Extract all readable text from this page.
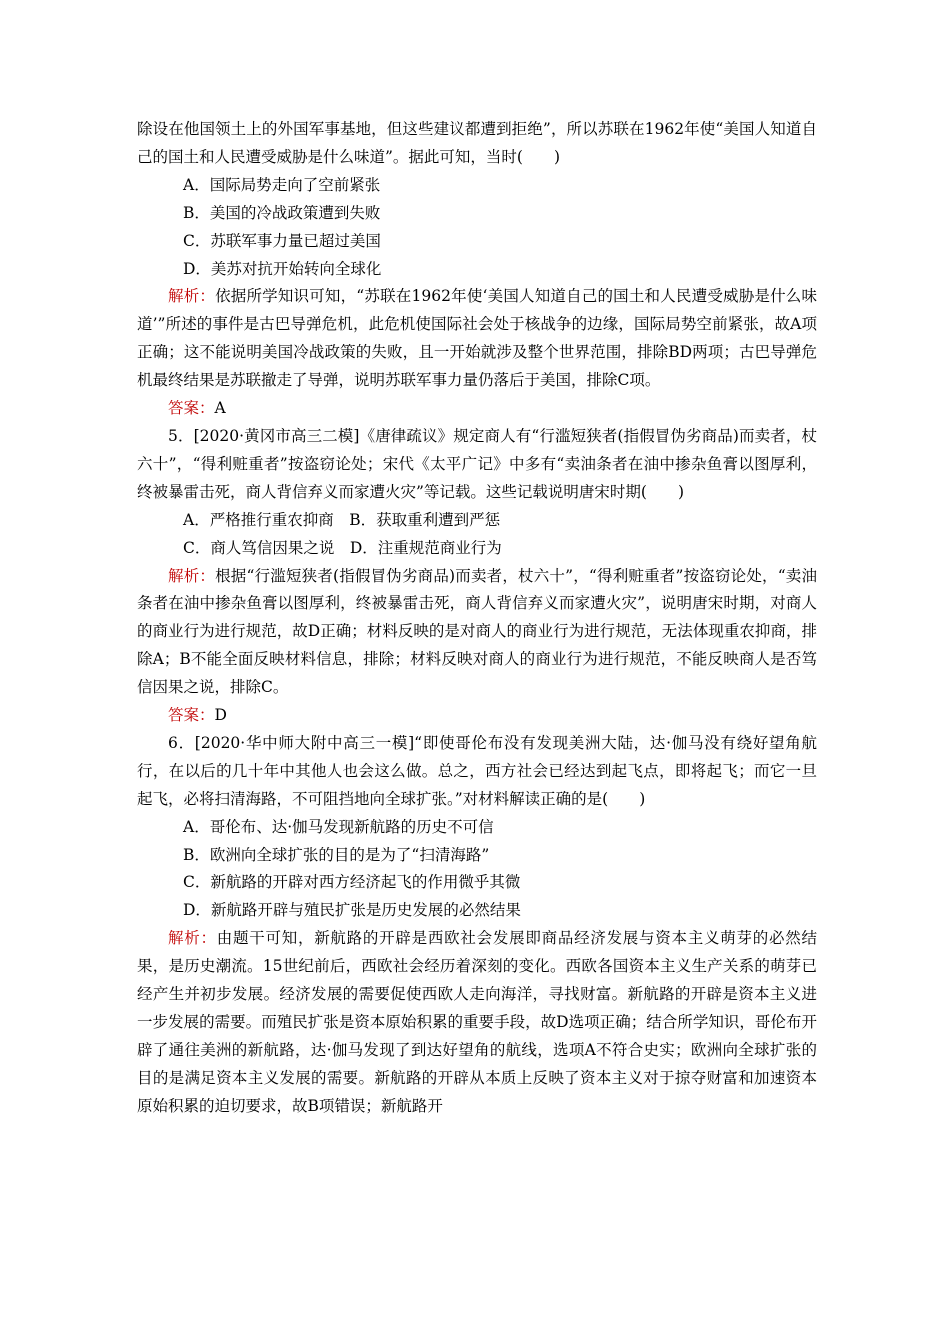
除设在他国领土上的外国军事基地，但这些建议都遭到拒绝”，所以苏联在1962年使“美国人知道自己的国土和人民遭受威胁是什么味道”。据此可知，当时(　　)

A．国际局势走向了空前紧张

B．美国的冷战政策遭到失败

C．苏联军事力量已超过美国

D．美苏对抗开始转向全球化

解析：依据所学知识可知，“苏联在1962年使‘美国人知道自己的国土和人民遭受威胁是什么味道’”所述的事件是古巴导弹危机，此危机使国际社会处于核战争的边缘，国际局势空前紧张，故A项正确；这不能说明美国冷战政策的失败，且一开始就涉及整个世界范围，排除BD两项；古巴导弹危机最终结果是苏联撤走了导弹，说明苏联军事力量仍落后于美国，排除C项。

答案：A

5．[2020·黄冈市高三二模]《唐律疏议》规定商人有“行滥短狭者(指假冒伪劣商品)而卖者，杖六十”，“得利赃重者”按盗窃论处；宋代《太平广记》中多有“卖油条者在油中掺杂鱼膏以图厚利，终被暴雷击死，商人背信弃义而家遭火灾”等记载。这些记载说明唐宋时期(　　)

A．严格推行重农抑商　B．获取重利遭到严惩

C．商人笃信因果之说　D．注重规范商业行为

解析：根据“行滥短狭者(指假冒伪劣商品)而卖者，杖六十”，“得利赃重者”按盗窃论处，“卖油条者在油中掺杂鱼膏以图厚利，终被暴雷击死，商人背信弃义而家遭火灾”，说明唐宋时期，对商人的商业行为进行规范，故D正确；材料反映的是对商人的商业行为进行规范，无法体现重农抑商，排除A；B不能全面反映材料信息，排除；材料反映对商人的商业行为进行规范，不能反映商人是否笃信因果之说，排除C。

答案：D

6．[2020·华中师大附中高三一模]“即使哥伦布没有发现美洲大陆，达·伽马没有绕好望角航行，在以后的几十年中其他人也会这么做。总之，西方社会已经达到起飞点，即将起飞；而它一旦起飞，必将扫清海路，不可阻挡地向全球扩张。”对材料解读正确的是(　　)

A．哥伦布、达·伽马发现新航路的历史不可信

B．欧洲向全球扩张的目的是为了“扫清海路”

C．新航路的开辟对西方经济起飞的作用微乎其微

D．新航路开辟与殖民扩张是历史发展的必然结果

解析：由题干可知，新航路的开辟是西欧社会发展即商品经济发展与资本主义萌芽的必然结果，是历史潮流。15世纪前后，西欧社会经历着深刻的变化。西欧各国资本主义生产关系的萌芽已经产生并初步发展。经济发展的需要促使西欧人走向海洋，寻找财富。新航路的开辟是资本主义进一步发展的需要。而殖民扩张是资本原始积累的重要手段，故D选项正确；结合所学知识，哥伦布开辟了通往美洲的新航路，达·伽马发现了到达好望角的航线，选项A不符合史实；欧洲向全球扩张的目的是满足资本主义发展的需要。新航路的开辟从本质上反映了资本主义对于掠夺财富和加速资本原始积累的迫切要求，故B项错误；新航路开
